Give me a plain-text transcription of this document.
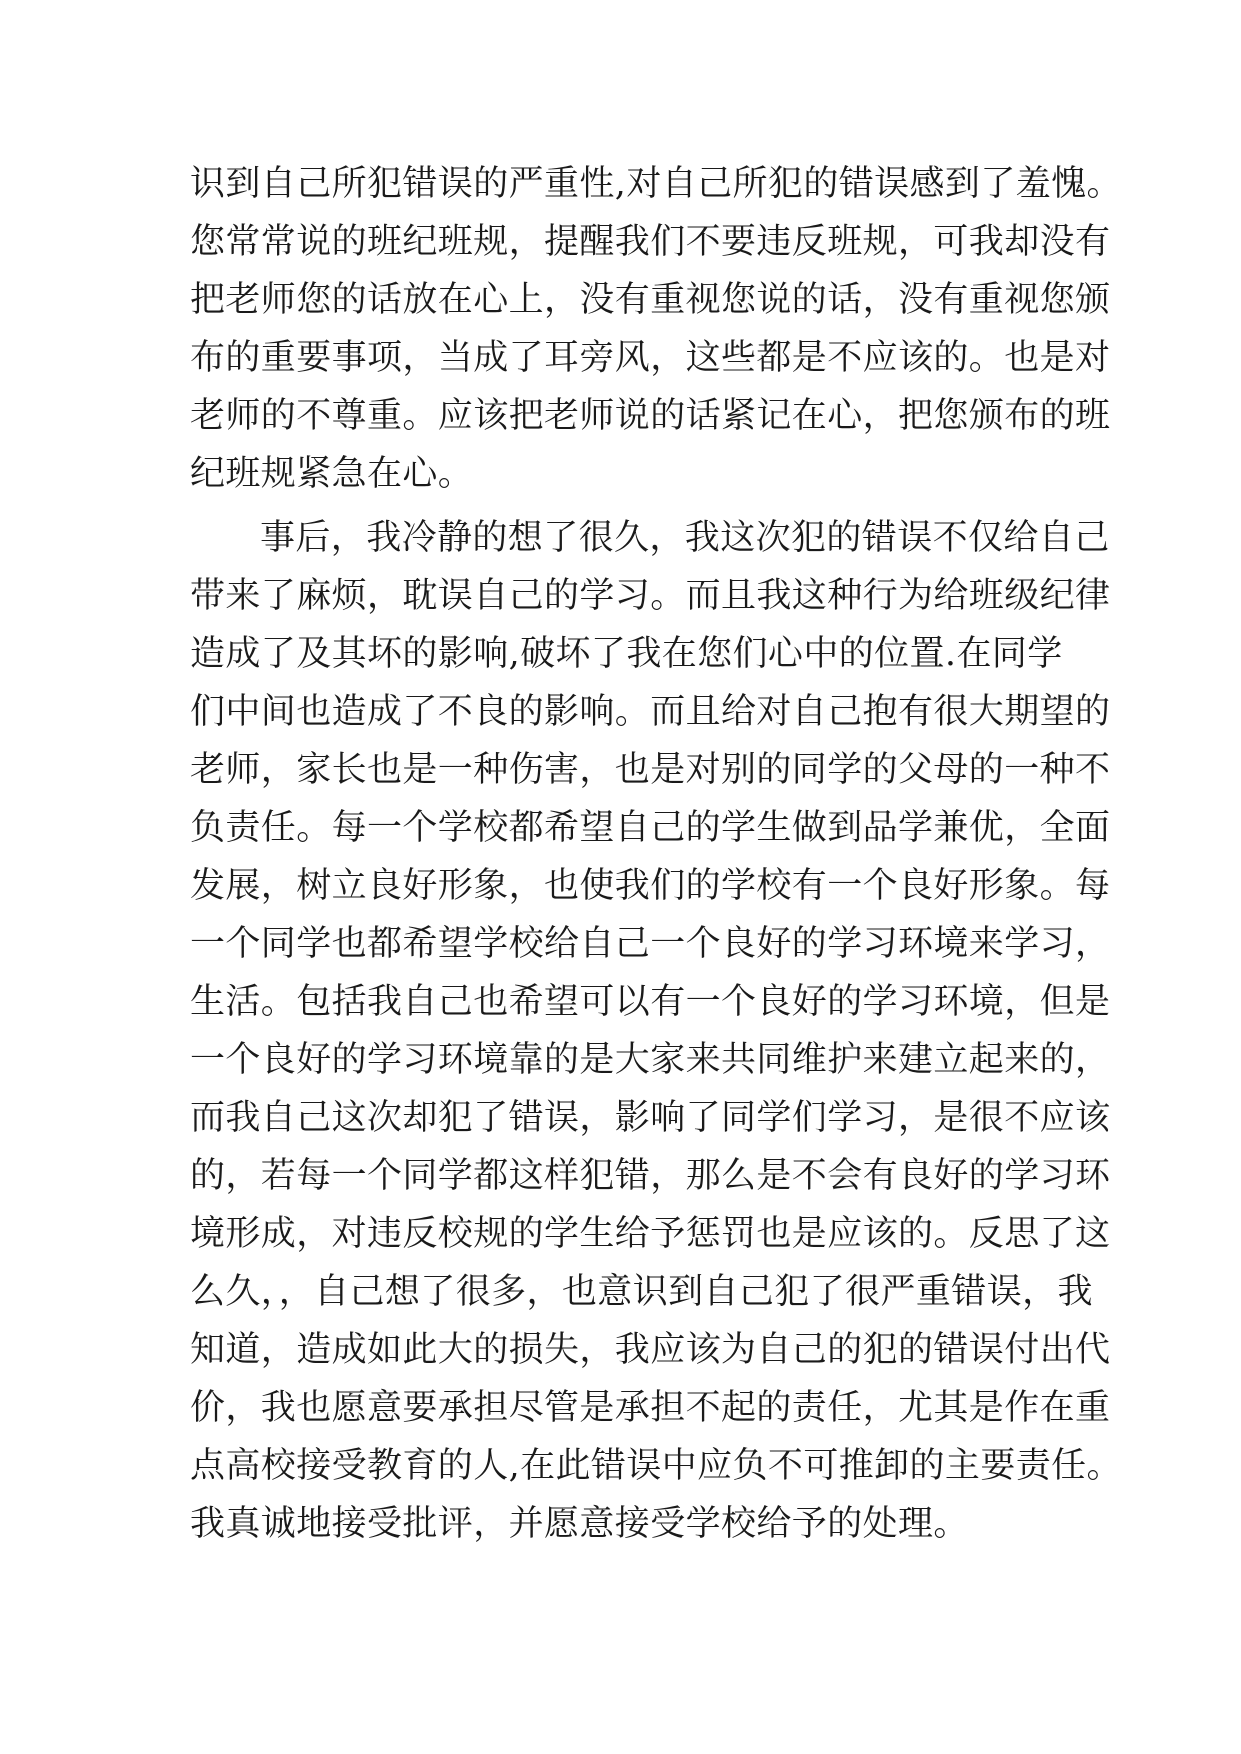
识到自己所犯错误的严重性,对自己所犯的错误感到了羞愧。
您常常说的班纪班规，提醒我们不要违反班规，可我却没有
把老师您的话放在心上，没有重视您说的话，没有重视您颁
布的重要事项，当成了耳旁风，这些都是不应该的。也是对
老师的不尊重。应该把老师说的话紧记在心，把您颁布的班
纪班规紧急在心。
事后，我冷静的想了很久，我这次犯的错误不仅给自己
带来了麻烦，耽误自己的学习。而且我这种行为给班级纪律
造成了及其坏的影响,破坏了我在您们心中的位置.在同学
们中间也造成了不良的影响。而且给对自己抱有很大期望的
老师，家长也是一种伤害，也是对别的同学的父母的一种不
负责任。每一个学校都希望自己的学生做到品学兼优，全面
发展，树立良好形象，也使我们的学校有一个良好形象。每
一个同学也都希望学校给自己一个良好的学习环境来学习，
生活。包括我自己也希望可以有一个良好的学习环境，但是
一个良好的学习环境靠的是大家来共同维护来建立起来的，
而我自己这次却犯了错误，影响了同学们学习，是很不应该
的，若每一个同学都这样犯错，那么是不会有良好的学习环
境形成，对违反校规的学生给予惩罚也是应该的。反思了这
么久，，自己想了很多，也意识到自己犯了很严重错误，我
知道，造成如此大的损失，我应该为自己的犯的错误付出代
价，我也愿意要承担尽管是承担不起的责任，尤其是作在重
点高校接受教育的人,在此错误中应负不可推卸的主要责任。
我真诚地接受批评，并愿意接受学校给予的处理。
